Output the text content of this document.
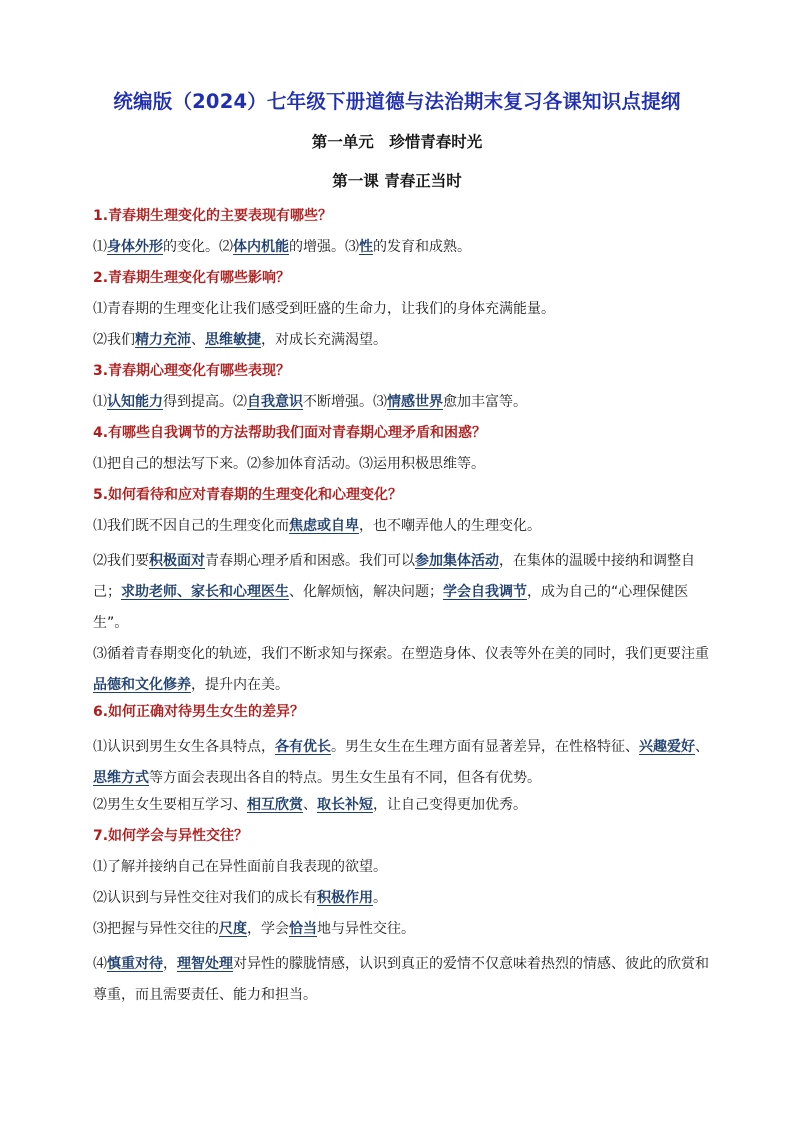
统编版（2024）七年级下册道德与法治期末复习各课知识点提纲
第一单元　珍惜青春时光
第一课 青春正当时
1.青春期生理变化的主要表现有哪些？
⑴身体外形的变化。⑵体内机能的增强。⑶性的发育和成熟。
2.青春期生理变化有哪些影响？
⑴青春期的生理变化让我们感受到旺盛的生命力，让我们的身体充满能量。
⑵我们精力充沛、思维敏捷，对成长充满渴望。
3.青春期心理变化有哪些表现？
⑴认知能力得到提高。⑵自我意识不断增强。⑶情感世界愈加丰富等。
4.有哪些自我调节的方法帮助我们面对青春期心理矛盾和困惑？
⑴把自己的想法写下来。⑵参加体育活动。⑶运用积极思维等。
5.如何看待和应对青春期的生理变化和心理变化？
⑴我们既不因自己的生理变化而焦虑或自卑，也不嘲弄他人的生理变化。
⑵我们要积极面对青春期心理矛盾和困惑。我们可以参加集体活动，在集体的温暖中接纳和调整自己；求助老师、家长和心理医生、化解烦恼，解决问题；学会自我调节，成为自己的“心理保健医生”。
⑶循着青春期变化的轨迹，我们不断求知与探索。在塑造身体、仪表等外在美的同时，我们更要注重品德和文化修养，提升内在美。
6.如何正确对待男生女生的差异？
⑴认识到男生女生各具特点，各有优长。男生女生在生理方面有显著差异，在性格特征、兴趣爱好、思维方式等方面会表现出各自的特点。男生女生虽有不同，但各有优势。
⑵男生女生要相互学习、相互欣赏、取长补短，让自己变得更加优秀。
7.如何学会与异性交往？
⑴了解并接纳自己在异性面前自我表现的欲望。
⑵认识到与异性交往对我们的成长有积极作用。
⑶把握与异性交往的尺度，学会恰当地与异性交往。
⑷慎重对待，理智处理对异性的朦胧情感，认识到真正的爱情不仅意味着热烈的情感、彼此的欣赏和尊重，而且需要责任、能力和担当。
